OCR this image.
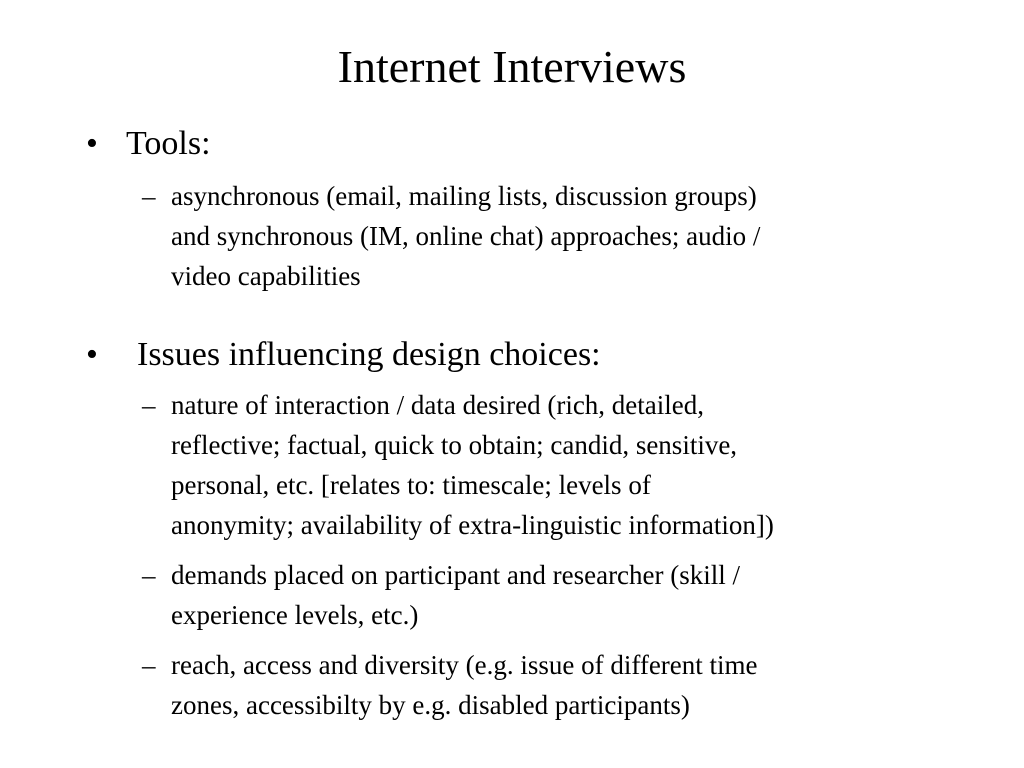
Internet Interviews
• Tools:
– asynchronous (email, mailing lists, discussion groups)
and synchronous (IM, online chat) approaches; audio /
video capabilities
• Issues influencing design choices:
– nature of interaction / data desired (rich, detailed,
reflective; factual, quick to obtain; candid, sensitive,
personal, etc. [relates to: timescale; levels of
anonymity; availability of extra-linguistic information])
– demands placed on participant and researcher (skill /
experience levels, etc.)
– reach, access and diversity (e.g. issue of different time
zones, accessibilty by e.g. disabled participants)
